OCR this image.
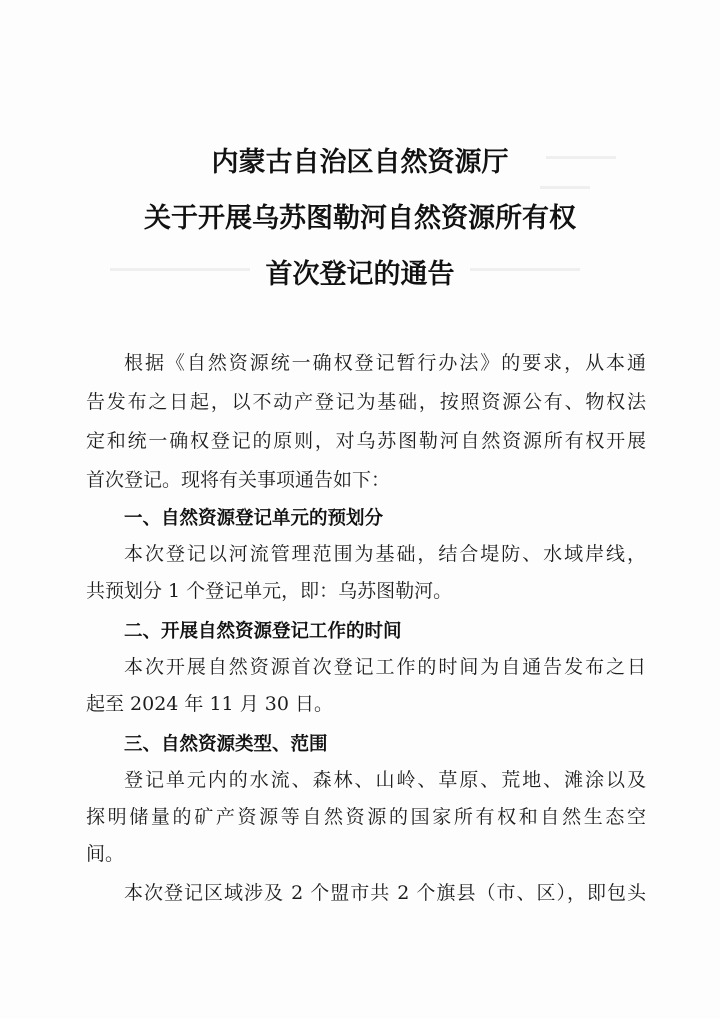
内蒙古自治区自然资源厅
关于开展乌苏图勒河自然资源所有权
首次登记的通告

根据《自然资源统一确权登记暂行办法》的要求，从本通

告发布之日起，以不动产登记为基础，按照资源公有、物权法

定和统一确权登记的原则，对乌苏图勒河自然资源所有权开展

首次登记。现将有关事项通告如下：

一、自然资源登记单元的预划分

本次登记以河流管理范围为基础，结合堤防、水域岸线，

共预划分 1 个登记单元，即：乌苏图勒河。

二、开展自然资源登记工作的时间

本次开展自然资源首次登记工作的时间为自通告发布之日

起至 2024 年 11 月 30 日。

三、自然资源类型、范围

登记单元内的水流、森林、山岭、草原、荒地、滩涂以及

探明储量的矿产资源等自然资源的国家所有权和自然生态空

间。

本次登记区域涉及 2 个盟市共 2 个旗县（市、区），即包头
